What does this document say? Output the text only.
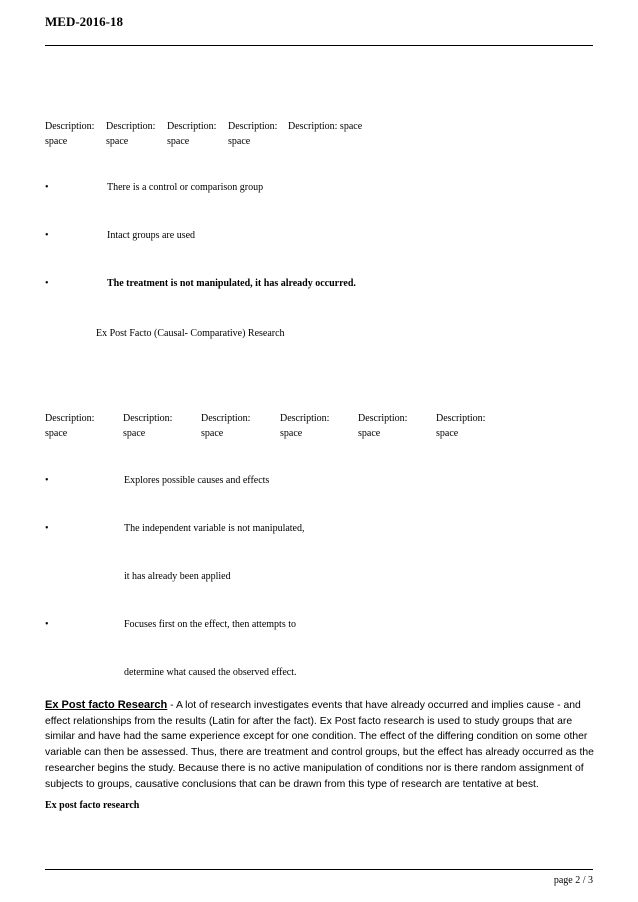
MED-2016-18
Description:
space
Description:
space
Description:
space
Description:
space
Description: space
•	There is a control or comparison group
•	Intact groups are used
•	The treatment is not manipulated, it has already occurred.
Ex Post Facto (Causal- Comparative) Research
Description:
space
Description:
space
Description:
space
Description:
space
Description:
space
Description:
space
•	Explores possible causes and effects
•	The independent variable is not manipulated,
it has already been applied
•	Focuses first on the effect, then attempts to
determine what caused the observed effect.
Ex Post facto Research - A lot of research investigates events that have already occurred and implies cause - and effect relationships from the results (Latin for after the fact). Ex Post facto research is used to study groups that are similar and have had the same experience except for one condition. The effect of the differing condition on some other variable can then be assessed. Thus, there are treatment and control groups, but the effect has already occurred as the researcher begins the study. Because there is no active manipulation of conditions nor is there random assignment of subjects to groups, causative conclusions that can be drawn from this type of research are tentative at best.
Ex post facto research
page 2 / 3
